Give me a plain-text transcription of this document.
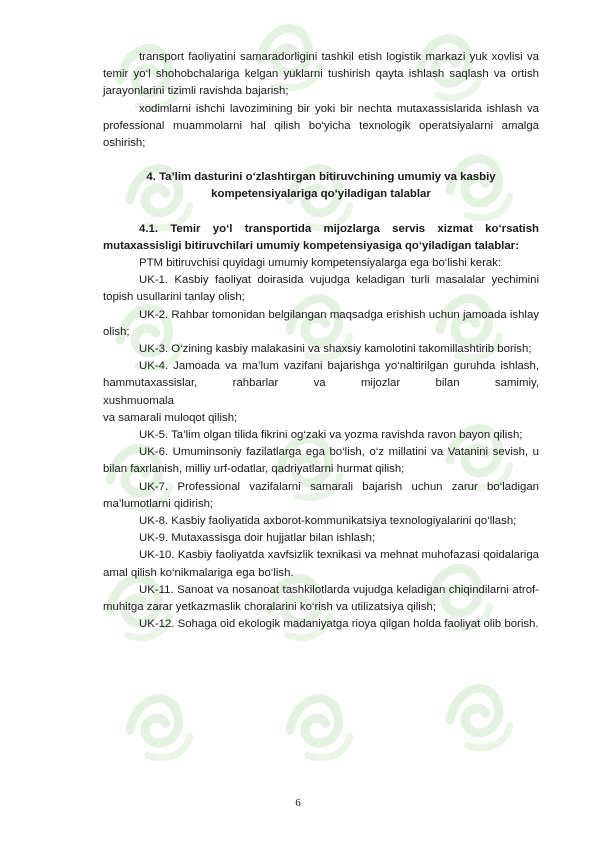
transport faoliyatini samaradorligini tashkil etish logistik markazi yuk xovlisi va temir yo‘l shohobchalariga kelgan yuklarni tushirish qayta ishlash saqlash va ortish jarayonlarini tizimli ravishda bajarish;

xodimlarni ishchi lavozimining bir yoki bir nechta mutaxassislarida ishlash va professional muammolarni hal qilish bo‘yicha texnologik operatsiyalarni amalga oshirish;

4. Ta’lim dasturini o‘zlashtirgan bitiruvchining umumiy va kasbiy kompetensiyalariga qo‘yiladigan talablar

4.1. Temir yo‘l transportida mijozlarga servis xizmat ko‘rsatish mutaxassisligi bitiruvchilari umumiy kompetensiyasiga qo‘yiladigan talablar:

PTM bitiruvchisi quyidagi umumiy kompetensiyalarga ega bo‘lishi kerak:

UK-1. Kasbiy faoliyat doirasida vujudga keladigan turli masalalar yechimini topish usullarini tanlay olish;

UK-2. Rahbar tomonidan belgilangan maqsadga erishish uchun jamoada ishlay olish;

UK-3. O‘zining kasbiy malakasini va shaxsiy kamolotini takomillashtirib borish;

UK-4. Jamoada va ma’lum vazifani bajarishga yo‘naltirilgan guruhda ishlash, hammutaxassislar, rahbarlar va mijozlar bilan samimiy,

xushmuomala

va samarali muloqot qilish;

UK-5. Ta’lim olgan tilida fikrini og‘zaki va yozma ravishda ravon bayon qilish;

UK-6. Umuminsoniy fazilatlarga ega bo‘lish, o‘z millatini va Vatanini sevish, u bilan faxrlanish, milliy urf-odatlar, qadriyatlarni hurmat qilish;

UK-7. Professional vazifalarni samarali bajarish uchun zarur bo‘ladigan ma’lumotlarni qidirish;

UK-8. Kasbiy faoliyatida axborot-kommunikatsiya texnologiyalarini qo‘llash;

UK-9. Mutaxassisga doir hujjatlar bilan ishlash;

UK-10. Kasbiy faoliyatda xavfsizlik texnikasi va mehnat muhofazasi qoidalariga amal qilish ko‘nikmalariga ega bo‘lish.

UK-11. Sanoat va nosanoat tashkilotlarda vujudga keladigan chiqindilarni atrof-muhitga zarar yetkazmaslik choralarini ko‘rish va utilizatsiya qilish;

UK-12. Sohaga oid ekologik madaniyatga rioya qilgan holda faoliyat olib borish.

6
